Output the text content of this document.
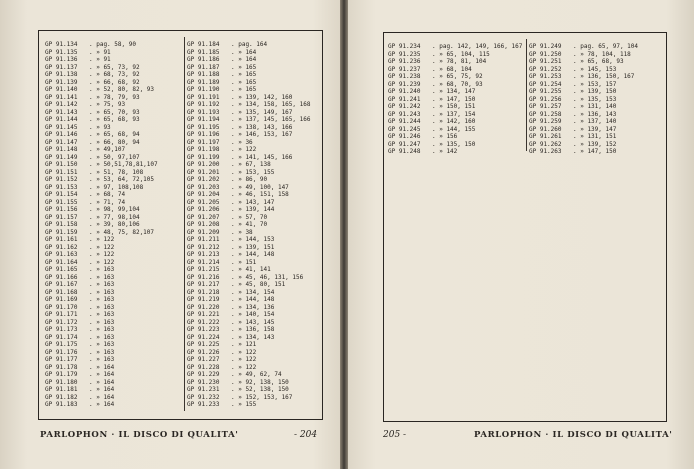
GP 91.134	. pag. 58, 90
GP 91.135	. » 91
GP 91.136	. » 91
GP 91.137	. » 65, 73, 92
GP 91.138	. » 68, 73, 92
GP 91.139	. » 66, 68, 92
GP 91.140	. » 52, 80, 82, 93
GP 91.141	. » 78, 79, 93
GP 91.142	. » 75, 93
GP 91.143	. » 65, 70, 93
GP 91.144	. » 65, 68, 93
GP 91.145	. » 93
GP 91.146	. » 65, 68, 94
GP 91.147	. » 66, 80, 94
GP 91.148	. » 49,107
GP 91.149	. » 50, 97,107
GP 91.150	. » 50,51,78,81,107
GP 91.151	. » 51, 78, 108
GP 91.152	. » 53, 64, 72,105
GP 91.153	. » 97, 108,108
GP 91.154	. » 68, 74
GP 91.155	. » 71, 74
GP 91.156	. » 98, 99,104
GP 91.157	. » 77, 98,104
GP 91.158	. » 39, 80,106
GP 91.159	. » 48, 75, 82,107
GP 91.161	. » 122
GP 91.162	. » 122
GP 91.163	. » 122
GP 91.164	. » 122
GP 91.165	. » 163
GP 91.166	. » 163
GP 91.167	. » 163
GP 91.168	. » 163
GP 91.169	. » 163
GP 91.170	. » 163
GP 91.171	. » 163
GP 91.172	. » 163
GP 91.173	. » 163
GP 91.174	. » 163
GP 91.175	. » 163
GP 91.176	. » 163
GP 91.177	. » 163
GP 91.178	. » 164
GP 91.179	. » 164
GP 91.180	. » 164
GP 91.181	. » 164
GP 91.182	. » 164
GP 91.183	. » 164
GP 91.184	. pag. 164
GP 91.185	. » 164
GP 91.186	. » 164
GP 91.187	. » 165
GP 91.188	. » 165
GP 91.189	. » 165
GP 91.190	. » 165
GP 91.191	. » 139, 142, 160
GP 91.192	. » 134, 158, 165, 168
GP 91.193	. » 135, 149, 167
GP 91.194	. » 137, 145, 165, 166
GP 91.195	. » 138, 143, 166
GP 91.196	. » 146, 153, 167
GP 91.197	. » 36
GP 91.198	. » 122
GP 91.199	. » 141, 145, 166
GP 91.200	. » 67, 138
GP 91.201	. » 153, 155
GP 91.202	. » 86, 90
GP 91.203	. » 49, 100, 147
GP 91.204	. » 46, 151, 158
GP 91.205	. » 143, 147
GP 91.206	. » 139, 144
GP 91.207	. » 57, 70
GP 91.208	. » 41, 70
GP 91.209	. » 38
GP 91.211	. » 144, 153
GP 91.212	. » 139, 151
GP 91.213	. » 144, 148
GP 91.214	. » 151
GP 91.215	. » 41, 141
GP 91.216	. » 45, 46, 131, 156
GP 91.217	. » 45, 80, 151
GP 91.218	. » 134, 154
GP 91.219	. » 144, 148
GP 91.220	. » 134, 136
GP 91.221	. » 140, 154
GP 91.222	. » 143, 145
GP 91.223	. » 136, 158
GP 91.224	. » 134, 143
GP 91.225	. » 121
GP 91.226	. » 122
GP 91.227	. » 122
GP 91.228	. » 122
GP 91.229	. » 49, 62, 74
GP 91.230	. » 92, 138, 150
GP 91.231	. » 52, 138, 150
GP 91.232	. » 152, 153, 167
GP 91.233	. » 155
PARLOPHON · IL DISCO DI QUALITA'	- 204
GP 91.234	. pag. 142, 149, 166, 167
GP 91.235	. » 65, 104, 115
GP 91.236	. » 78, 81, 104
GP 91.237	. » 68, 104
GP 91.238	. » 65, 75, 92
GP 91.239	. » 68, 70, 93
GP 91.240	. » 134, 147
GP 91.241	. » 147, 150
GP 91.242	. » 150, 151
GP 91.243	. » 137, 154
GP 91.244	. » 142, 160
GP 91.245	. » 144, 155
GP 91.246	. » 156
GP 91.247	. » 135, 150
GP 91.248	. » 142
GP 91.249	. pag. 65, 97, 104
GP 91.250	. » 78, 104, 118
GP 91.251	. » 65, 68, 93
GP 91.252	. » 145, 153
GP 91.253	. » 136, 150, 167
GP 91.254	. » 153, 157
GP 91.255	. » 139, 150
GP 91.256	. » 135, 153
GP 91.257	. » 131, 140
GP 91.258	. » 136, 143
GP 91.259	. » 137, 140
GP 91.260	. » 139, 147
GP 91.261	. » 131, 151
GP 91.262	. » 139, 152
GP 91.263	. » 147, 150
205 -	PARLOPHON · IL DISCO DI QUALITA'
